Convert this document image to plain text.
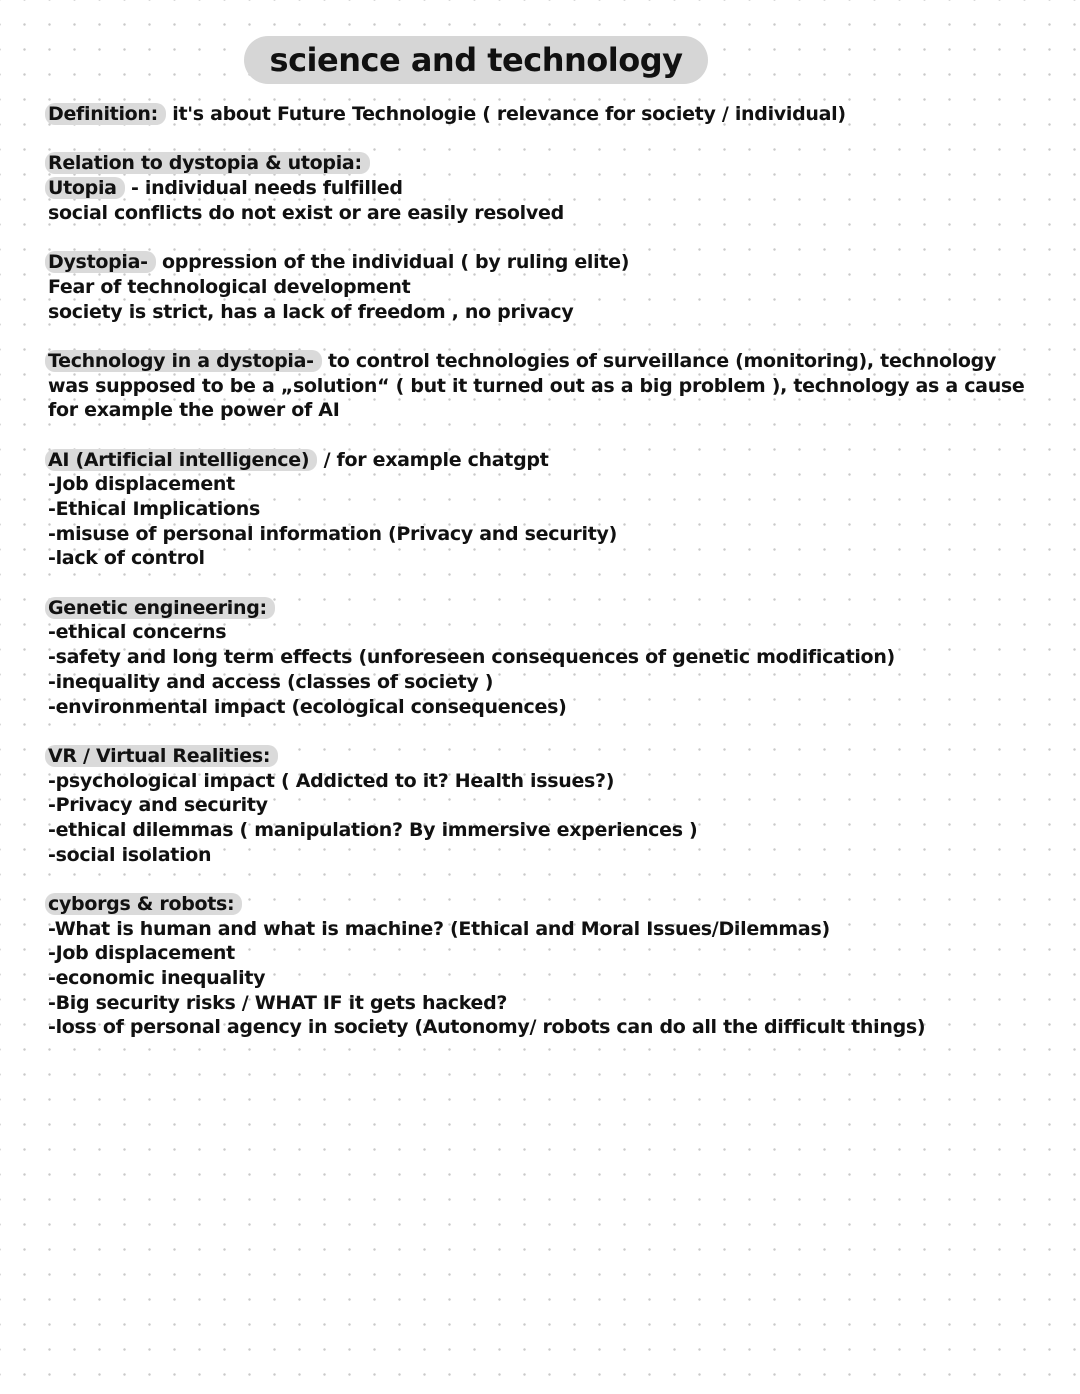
science and technology
Definition: it's about Future Technologie ( relevance for society / individual)
Relation to dystopia & utopia:
Utopia - individual needs fulfilled
social conflicts do not exist or are easily resolved
Dystopia- oppression of the individual ( by ruling elite)
Fear of technological development
society is strict, has a lack of freedom , no privacy
Technology in a dystopia- to control technologies of surveillance (monitoring), technology
was supposed to be a „solution“ ( but it turned out as a big problem ), technology as a cause
for example the power of AI
AI (Artificial intelligence) / for example chatgpt
-Job displacement
-Ethical Implications
-misuse of personal information (Privacy and security)
-lack of control
Genetic engineering:
-ethical concerns
-safety and long term effects (unforeseen consequences of genetic modification)
-inequality and access (classes of society )
-environmental impact (ecological consequences)
VR / Virtual Realities:
-psychological impact ( Addicted to it? Health issues?)
-Privacy and security
-ethical dilemmas ( manipulation? By immersive experiences )
-social isolation
cyborgs & robots:
-What is human and what is machine? (Ethical and Moral Issues/Dilemmas)
-Job displacement
-economic inequality
-Big security risks / WHAT IF it gets hacked?
-loss of personal agency in society (Autonomy/ robots can do all the difficult things)
